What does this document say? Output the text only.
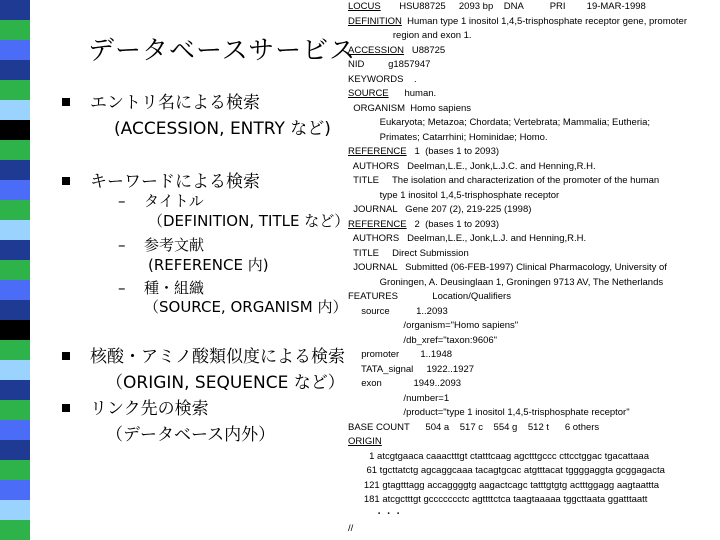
データベースサービス
エントリ名による検索
(ACCESSION, ENTRY など)
キーワードによる検索
– タイトル
（DEFINITION, TITLE など）
– 参考文献
(REFERENCE 内)
– 種・組織
（SOURCE, ORGANISM 内）
核酸・アミノ酸類似度による検索
（ORIGIN, SEQUENCE など）
リンク先の検索
（データベース内外）
LOCUS       HSU88725     2093 bp    DNA          PRI        19-MAR-1998
DEFINITION  Human type 1 inositol 1,4,5-trisphosphate receptor gene, promoter
region and exon 1.
ACCESSION   U88725
NID         g1857947
KEYWORDS    .
SOURCE      human.
ORGANISM  Homo sapiens
Eukaryota; Metazoa; Chordata; Vertebrata; Mammalia; Eutheria;
Primates; Catarrhini; Hominidae; Homo.
REFERENCE   1  (bases 1 to 2093)
AUTHORS   Deelman,L.E., Jonk,L.J.C. and Henning,R.H.
TITLE     The isolation and characterization of the promoter of the human
type 1 inositol 1,4,5-trisphosphate receptor
JOURNAL   Gene 207 (2), 219-225 (1998)
REFERENCE   2  (bases 1 to 2093)
AUTHORS   Deelman,L.E., Jonk,L.J. and Henning,R.H.
TITLE     Direct Submission
JOURNAL   Submitted (06-FEB-1997) Clinical Pharmacology, University of
Groningen, A. Deusinglaan 1, Groningen 9713 AV, The Netherlands
FEATURES             Location/Qualifiers
source          1..2093
/organism="Homo sapiens"
/db_xref="taxon:9606"
promoter        1..1948
TATA_signal     1922..1927
exon            1949..2093
/number=1
/product="type 1 inositol 1,4,5-trisphosphate receptor"
BASE COUNT      504 a    517 c    554 g    512 t      6 others
ORIGIN
1 atcgtgaaca caaactttgt ctatttcaag agctttgccc cttcctggac tgacattaaa
61 tgcttatctg agcaggcaaa tacagtgcac atgtttacat tggggaggta gcggagacta
121 gtagtttagg accaggggtg aagactcagc tatttgtgtg actttggagg aagtaattta
181 atcgctttgt gccccccctc agttttctca taagtaaaaa tggcttaata ggatttaatt
・・・
//
